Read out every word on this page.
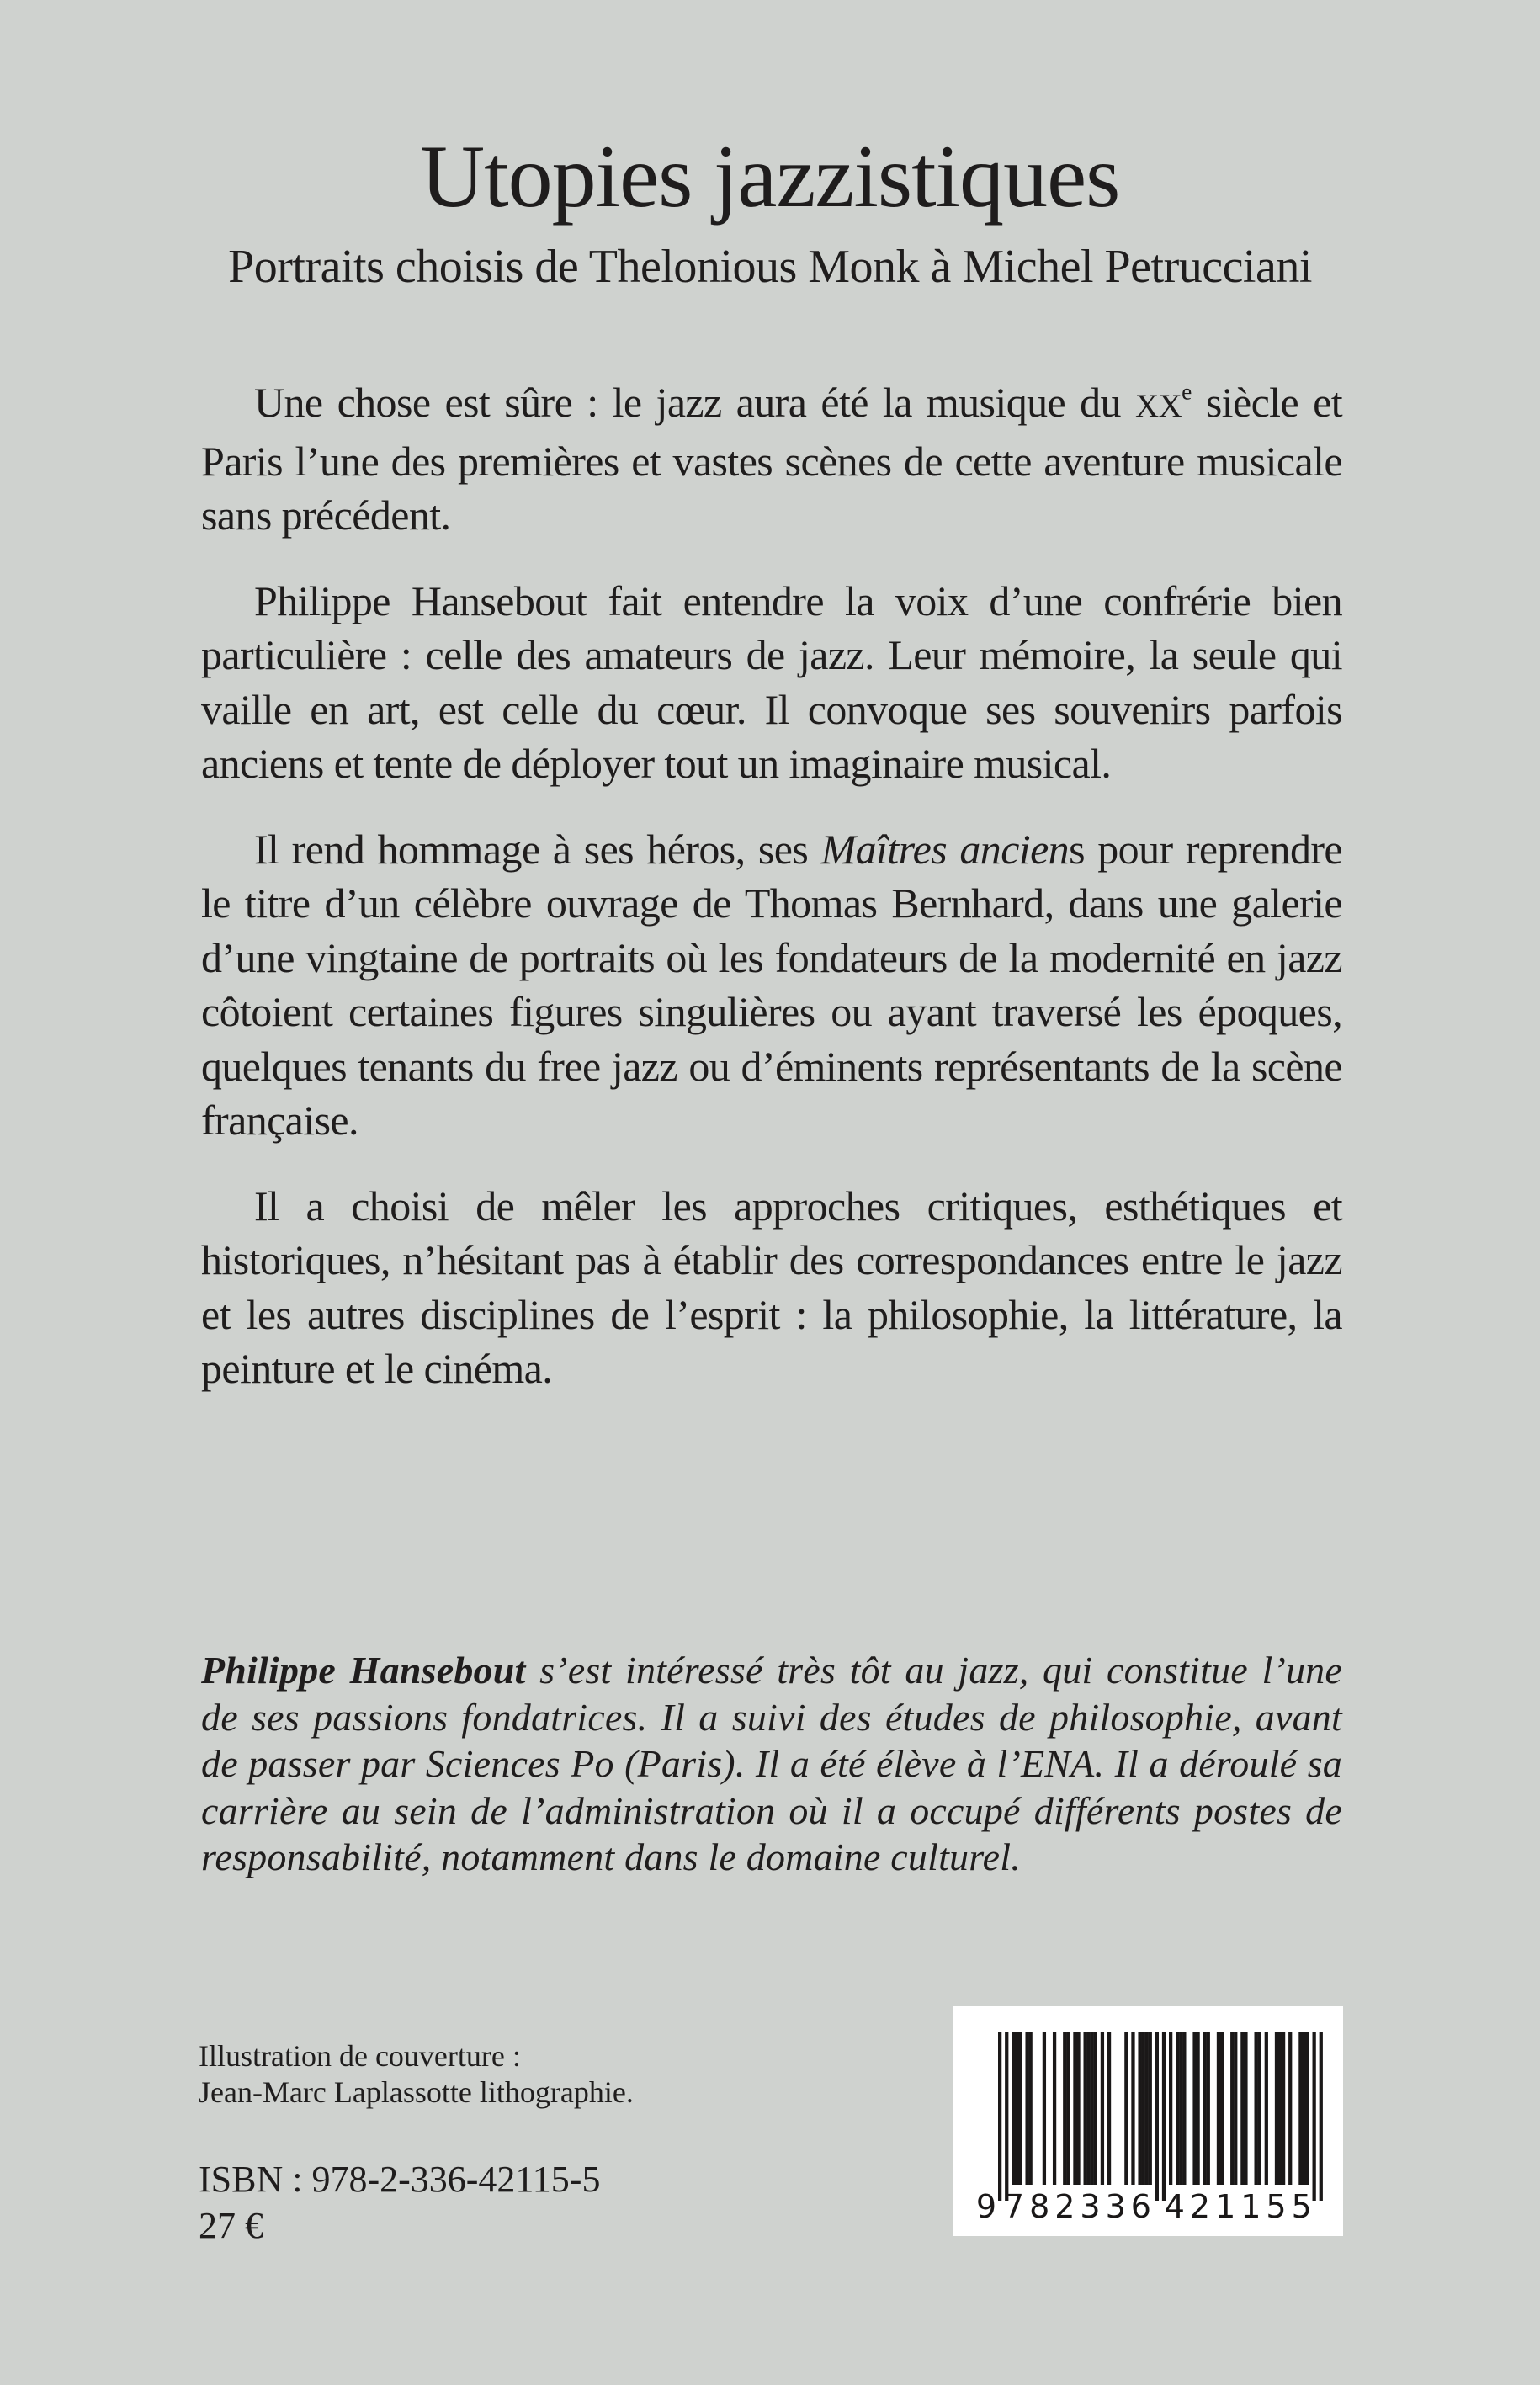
Utopies jazzistiques
Portraits choisis de Thelonious Monk à Michel Petrucciani

Une chose est sûre : le jazz aura été la musique du XXe siècle et Paris l’une des premières et vastes scènes de cette aventure musicale sans précédent.

Philippe Hansebout fait entendre la voix d’une confrérie bien particulière : celle des amateurs de jazz. Leur mémoire, la seule qui vaille en art, est celle du cœur. Il convoque ses souvenirs parfois anciens et tente de déployer tout un imaginaire musical.

Il rend hommage à ses héros, ses Maîtres anciens pour reprendre le titre d’un célèbre ouvrage de Thomas Bernhard, dans une galerie d’une vingtaine de portraits où les fondateurs de la modernité en jazz côtoient certaines figures singulières ou ayant traversé les époques, quelques tenants du free jazz ou d’éminents représentants de la scène française.

Il a choisi de mêler les approches critiques, esthétiques et historiques, n’hésitant pas à établir des correspondances entre le jazz et les autres disciplines de l’esprit : la philosophie, la littérature, la peinture et le cinéma.

Philippe Hansebout s’est intéressé très tôt au jazz, qui constitue l’une de ses passions fondatrices. Il a suivi des études de philosophie, avant de passer par Sciences Po (Paris). Il a été élève à l’ENA. Il a déroulé sa carrière au sein de l’administration où il a occupé différents postes de responsabilité, notamment dans le domaine culturel.

Illustration de couverture :
Jean-Marc Laplassotte lithographie.
ISBN : 978-2-336-42115-5
27 €	9 782336 421155
